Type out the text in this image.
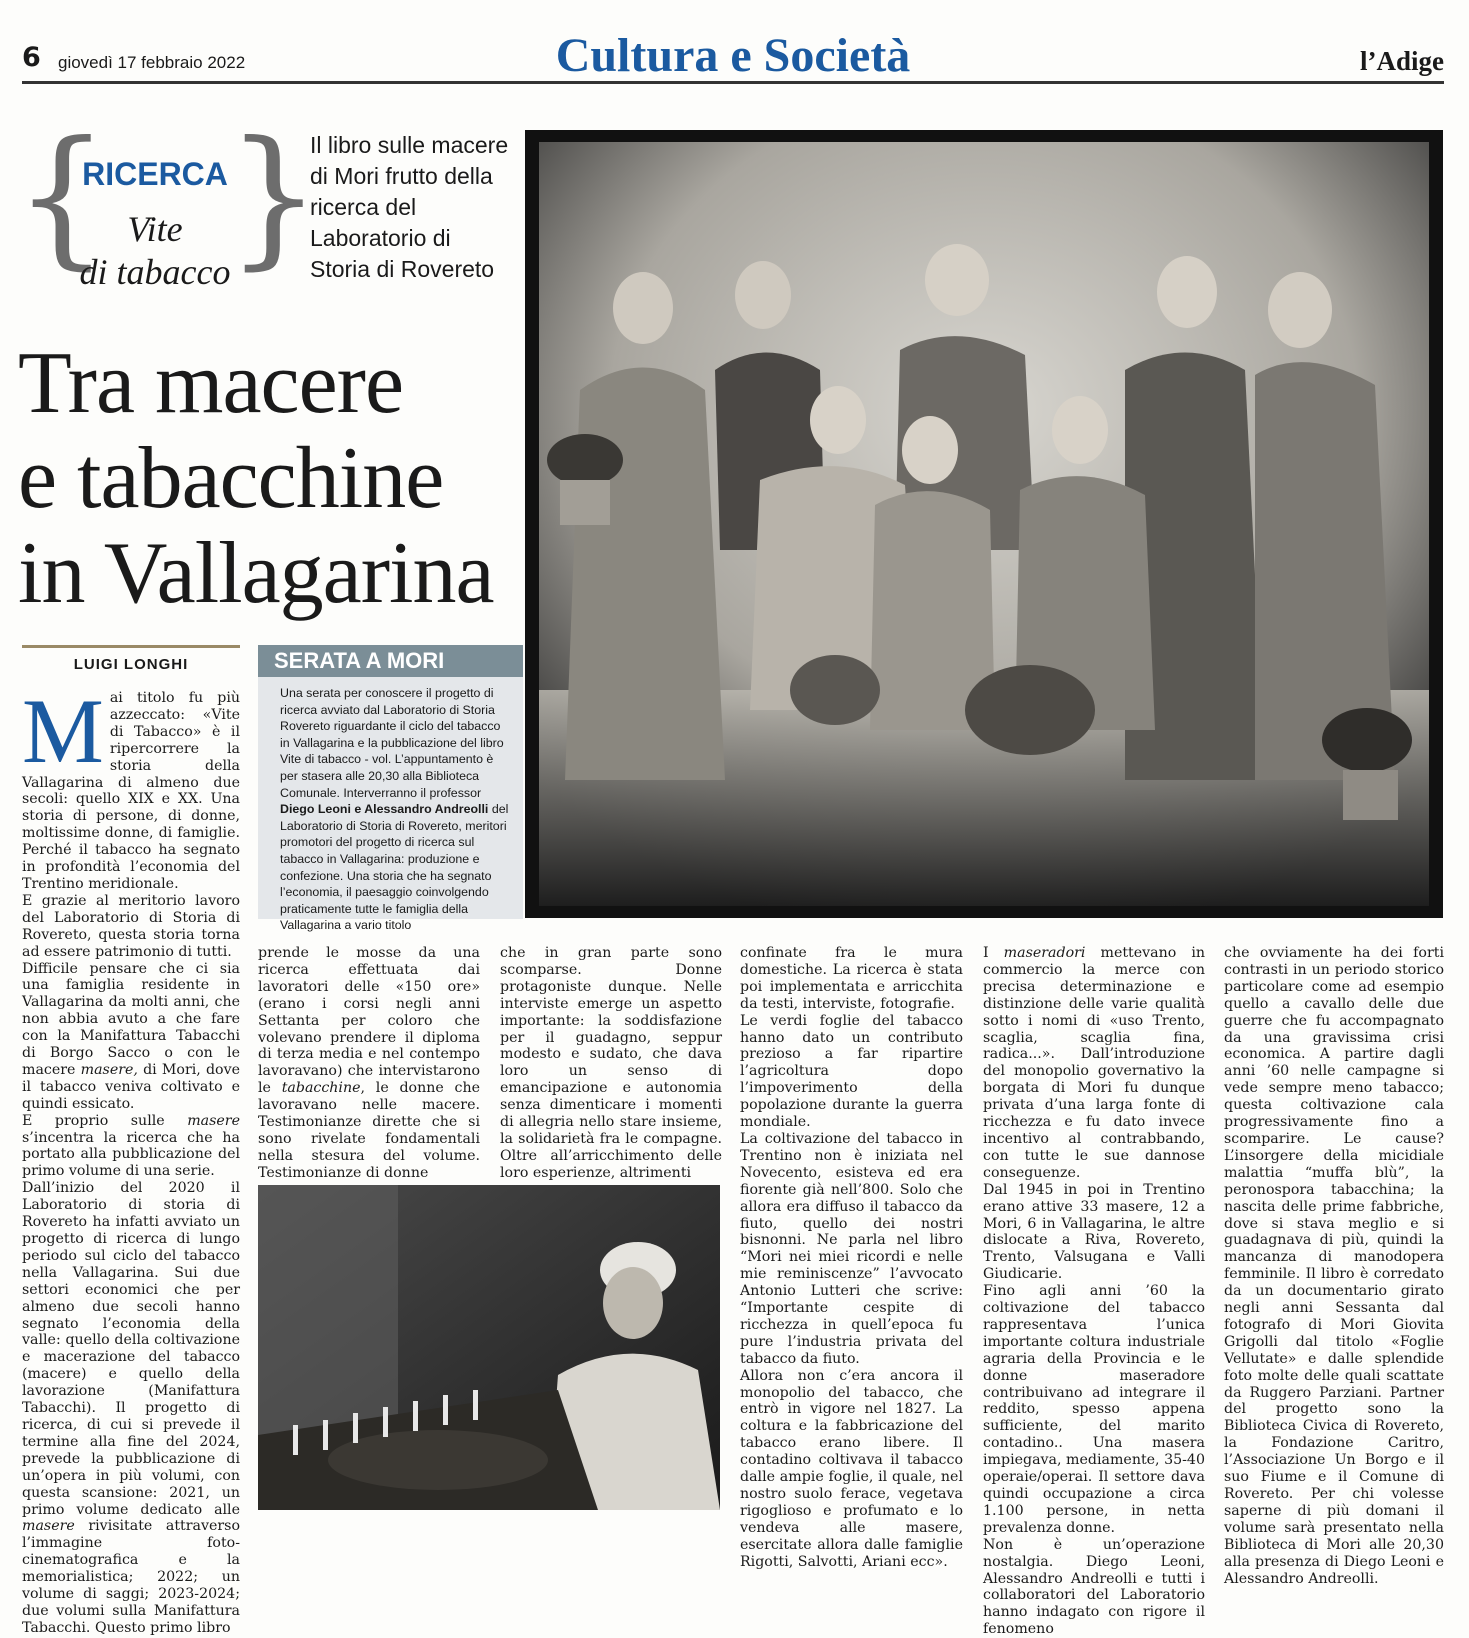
6 giovedì 17 febbraio 2022	Cultura e Società	l’Adige
{ }
RICERCA
Vite
di tabacco
Il libro sulle macere di Mori frutto della ricerca del Laboratorio di Storia di Rovereto
Tra macere
e tabacchine
in Vallagarina
LUIGI LONGHI	SERATA A MORI
Una serata per conoscere il progetto di ricerca avviato dal Laboratorio di Storia Rovereto riguardante il ciclo del tabacco in Vallagarina e la pubblicazione del libro Vite di tabacco - vol. L’appuntamento è per stasera alle 20,30 alla Biblioteca Comunale. Interverranno il professor Diego Leoni e Alessandro Andreolli del Laboratorio di Storia di Rovereto, meritori promotori del progetto di ricerca sul tabacco in Vallagarina: produzione e confezione. Una storia che ha segnato l’economia, il paesaggio coinvolgendo praticamente tutte le famiglia della Vallagarina a vario titolo

Mai titolo fu più azzeccato: «Vite di Tabacco» è il ripercorrere la storia della Vallagarina di almeno due secoli: quello XIX e XX. Una storia di persone, di donne, moltissime donne, di famiglie. Perché il tabacco ha segnato in profondità l’economia del Trentino meridionale.

E grazie al meritorio lavoro del Laboratorio di Storia di Rovereto, questa storia torna ad essere patrimonio di tutti.

Difficile pensare che ci sia una famiglia residente in Vallagarina da molti anni, che non abbia avuto a che fare con la Manifattura Tabacchi di Borgo Sacco o con le macere masere, di Mori, dove il tabacco veniva coltivato e quindi essicato.

E proprio sulle masere s’incentra la ricerca che ha portato alla pubblicazione del primo volume di una serie.

Dall’inizio del 2020 il Laboratorio di storia di Rovereto ha infatti avviato un progetto di ricerca di lungo periodo sul ciclo del tabacco nella Vallagarina. Sui due settori economici che per almeno due secoli hanno segnato l’economia della valle: quello della coltivazione e macerazione del tabacco (macere) e quello della lavorazione (Manifattura Tabacchi). Il progetto di ricerca, di cui si prevede il termine alla fine del 2024, prevede la pubblicazione di un’opera in più volumi, con questa scansione: 2021, un primo volume dedicato alle masere rivisitate attraverso l’immagine foto-cinematografica e la memorialistica; 2022; un volume di saggi; 2023-2024; due volumi sulla Manifattura Tabacchi. Questo primo libro

prende le mosse da una ricerca effettuata dai lavoratori delle «150 ore» (erano i corsi negli anni Settanta per coloro che volevano prendere il diploma di terza media e nel contempo lavoravano) che intervistarono le tabacchine, le donne che lavoravano nelle macere. Testimonianze dirette che si sono rivelate fondamentali nella stesura del volume. Testimonianze di donne

che in gran parte sono scomparse. Donne protagoniste dunque. Nelle interviste emerge un aspetto importante: la soddisfazione per il guadagno, seppur modesto e sudato, che dava loro un senso di emancipazione e autonomia senza dimenticare i momenti di allegria nello stare insieme, la solidarietà fra le compagne. Oltre all’arricchimento delle loro esperienze, altrimenti

confinate fra le mura domestiche. La ricerca è stata poi implementata e arricchita da testi, interviste, fotografie.

Le verdi foglie del tabacco hanno dato un contributo prezioso a far ripartire l’agricoltura dopo l’impoverimento della popolazione durante la guerra mondiale.

La coltivazione del tabacco in Trentino non è iniziata nel Novecento, esisteva ed era fiorente già nell’800. Solo che allora era diffuso il tabacco da fiuto, quello dei nostri bisnonni. Ne parla nel libro “Mori nei miei ricordi e nelle mie reminiscenze” l’avvocato Antonio Lutteri che scrive: “Importante cespite di ricchezza in quell’epoca fu pure l’industria privata del tabacco da fiuto.

Allora non c’era ancora il monopolio del tabacco, che entrò in vigore nel 1827. La coltura e la fabbricazione del tabacco erano libere. Il contadino coltivava il tabacco dalle ampie foglie, il quale, nel nostro suolo ferace, vegetava rigoglioso e profumato e lo vendeva alle masere, esercitate allora dalle famiglie Rigotti, Salvotti, Ariani ecc».

I maseradori mettevano in commercio la merce con precisa determinazione e distinzione delle varie qualità sotto i nomi di «uso Trento, scaglia, scaglia fina, radica...». Dall’introduzione del monopolio governativo la borgata di Mori fu dunque privata d’una larga fonte di ricchezza e fu dato invece incentivo al contrabbando, con tutte le sue dannose conseguenze.

Dal 1945 in poi in Trentino erano attive 33 masere, 12 a Mori, 6 in Vallagarina, le altre dislocate a Riva, Rovereto, Trento, Valsugana e Valli Giudicarie.

Fino agli anni ’60 la coltivazione del tabacco rappresentava l’unica importante coltura industriale agraria della Provincia e le donne maseradore contribuivano ad integrare il reddito, spesso appena sufficiente, del marito contadino.. Una masera impiegava, mediamente, 35-40 operaie/operai. Il settore dava quindi occupazione a circa 1.100 persone, in netta prevalenza donne.

Non è un’operazione nostalgia. Diego Leoni, Alessandro Andreolli e tutti i collaboratori del Laboratorio hanno indagato con rigore il fenomeno

che ovviamente ha dei forti contrasti in un periodo storico particolare come ad esempio quello a cavallo delle due guerre che fu accompagnato da una gravissima crisi economica. A partire dagli anni ’60 nelle campagne si vede sempre meno tabacco; questa coltivazione cala progressivamente fino a scomparire. Le cause? L’insorgere della micidiale malattia “muffa blù”, la peronospora tabacchina; la nascita delle prime fabbriche, dove si stava meglio e si guadagnava di più, quindi la mancanza di manodopera femminile. Il libro è corredato da un documentario girato negli anni Sessanta dal fotografo di Mori Giovita Grigolli dal titolo «Foglie Vellutate» e dalle splendide foto molte delle quali scattate da Ruggero Parziani. Partner del progetto sono la Biblioteca Civica di Rovereto, la Fondazione Caritro, l’Associazione Un Borgo e il suo Fiume e il Comune di Rovereto. Per chi volesse saperne di più domani il volume sarà presentato nella Biblioteca di Mori alle 20,30 alla presenza di Diego Leoni e Alessandro Andreolli.
